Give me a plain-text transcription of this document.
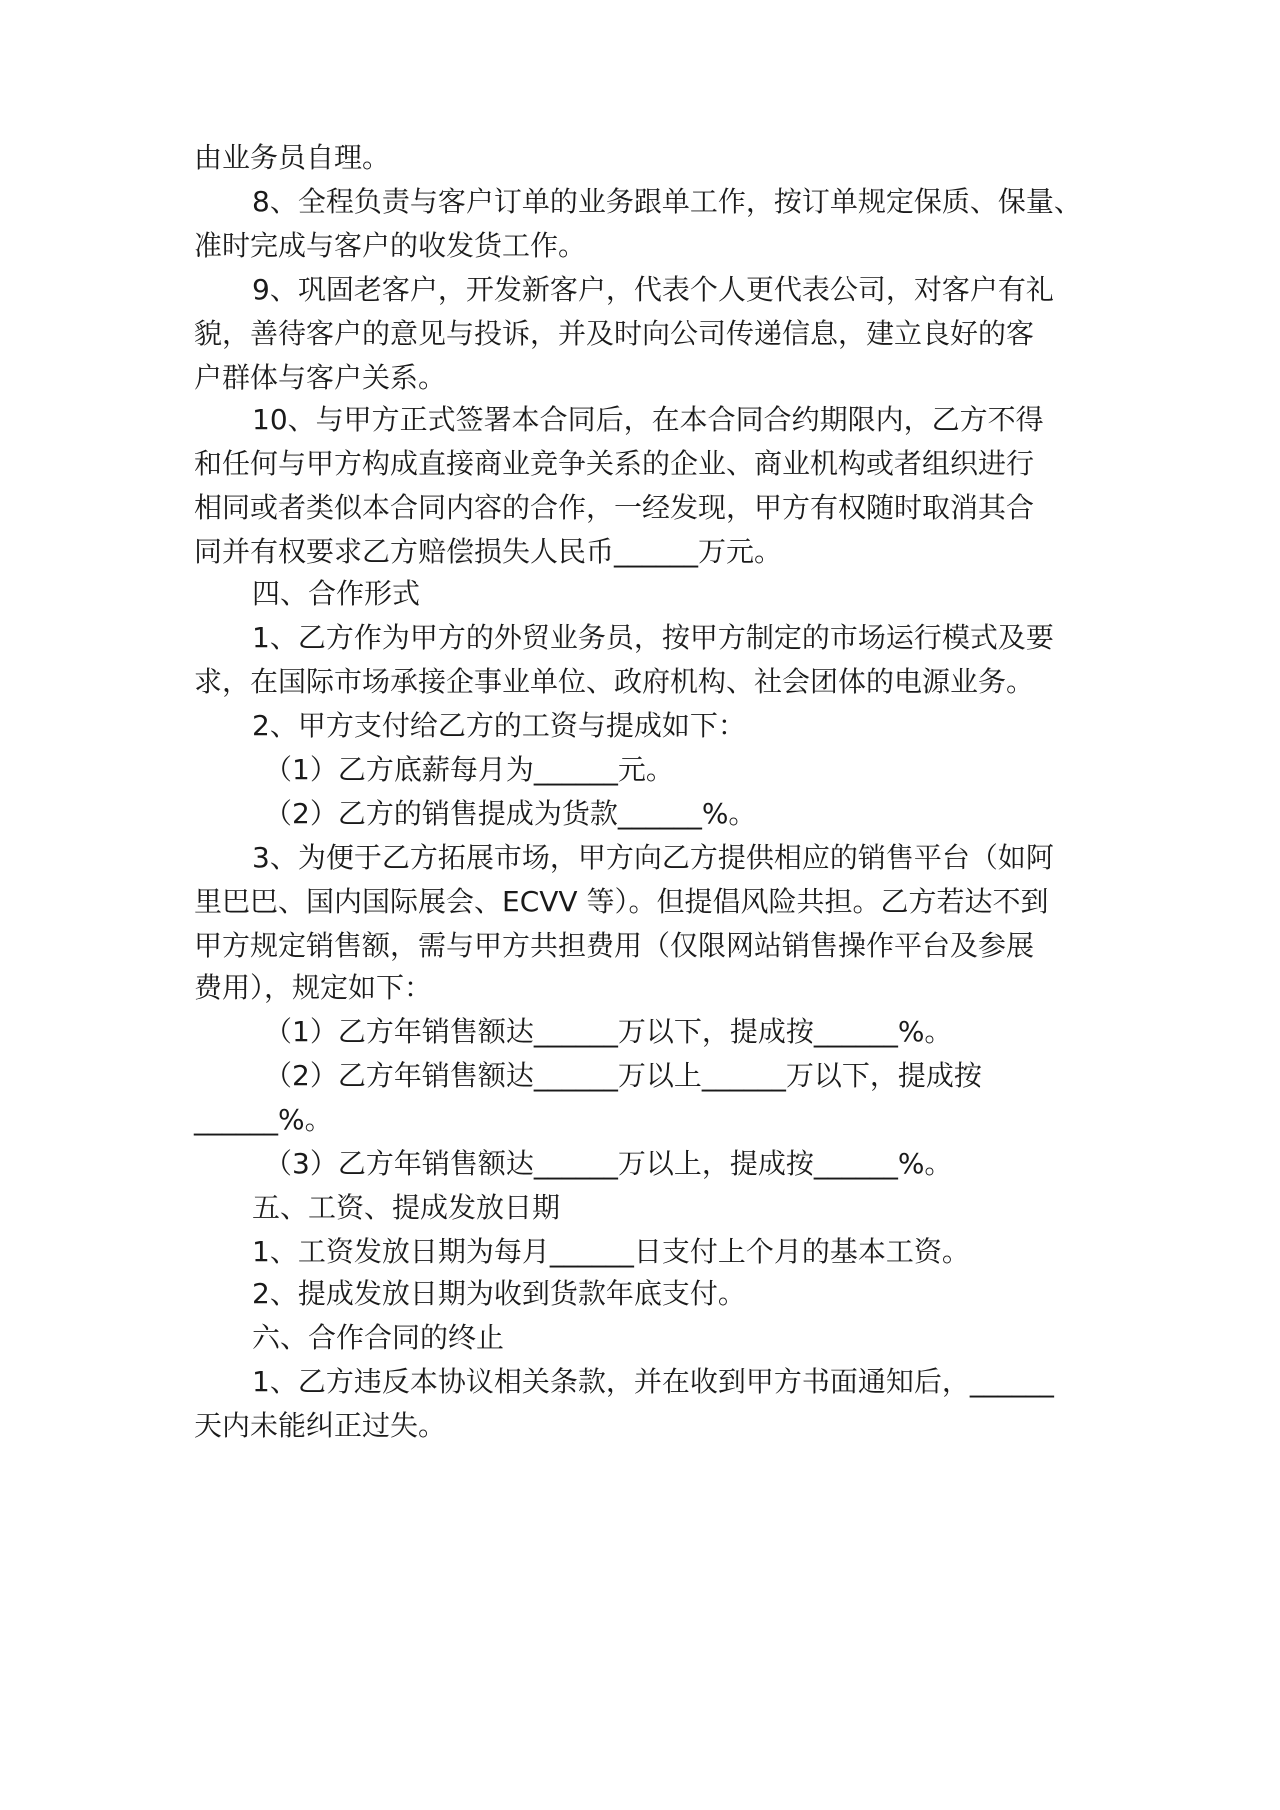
由业务员自理。
8、全程负责与客户订单的业务跟单工作，按订单规定保质、保量、
准时完成与客户的收发货工作。
9、巩固老客户，开发新客户，代表个人更代表公司，对客户有礼
貌，善待客户的意见与投诉，并及时向公司传递信息，建立良好的客
户群体与客户关系。
10、与甲方正式签署本合同后，在本合同合约期限内，乙方不得
和任何与甲方构成直接商业竞争关系的企业、商业机构或者组织进行
相同或者类似本合同内容的合作，一经发现，甲方有权随时取消其合
同并有权要求乙方赔偿损失人民币______万元。
四、合作形式
1、乙方作为甲方的外贸业务员，按甲方制定的市场运行模式及要
求，在国际市场承接企事业单位、政府机构、社会团体的电源业务。
2、甲方支付给乙方的工资与提成如下：
（1）乙方底薪每月为______元。
（2）乙方的销售提成为货款______%。
3、为便于乙方拓展市场，甲方向乙方提供相应的销售平台（如阿
里巴巴、国内国际展会、ECVV 等）。但提倡风险共担。乙方若达不到
甲方规定销售额，需与甲方共担费用（仅限网站销售操作平台及参展
费用），规定如下：
（1）乙方年销售额达______万以下，提成按______%。
（2）乙方年销售额达______万以上______万以下，提成按
______%。
（3）乙方年销售额达______万以上，提成按______%。
五、工资、提成发放日期
1、工资发放日期为每月______日支付上个月的基本工资。
2、提成发放日期为收到货款年底支付。
六、合作合同的终止
1、乙方违反本协议相关条款，并在收到甲方书面通知后，______
天内未能纠正过失。
